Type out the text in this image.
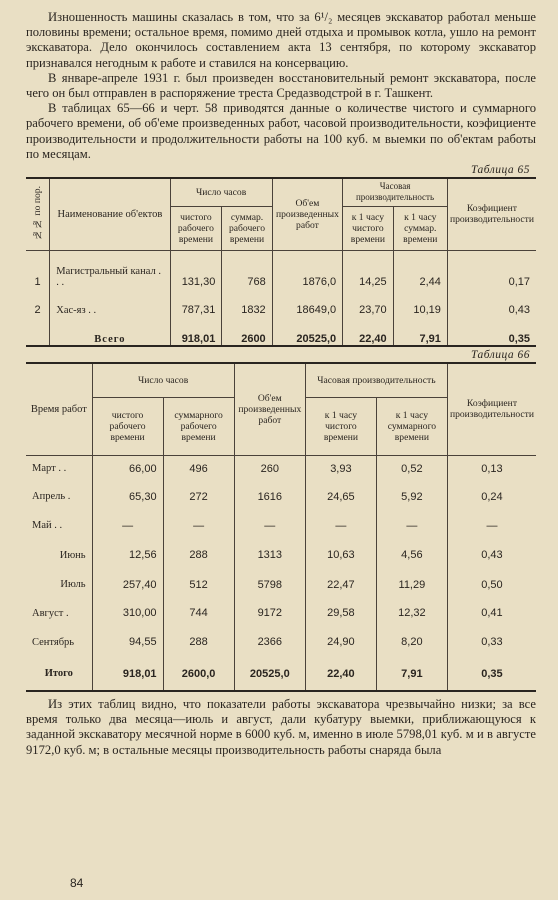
Изношенность машины сказалась в том, что за 6¹/₂ месяцев экскаватор работал меньше половины времени; остальное время, помимо дней отдыха и промывок котла, ушло на ремонт экскаватора. Дело окончилось составлением акта 13 сентября, по которому экскаватор признавался негодным к работе и ставился на консервацию.

В январе-апреле 1931 г. был произведен восстановительный ремонт экскаватора, после чего он был отправлен в распоряжение треста Средазводстрой в г. Ташкент.

В таблицах 65—66 и черт. 58 приводятся данные о количестве чистого и суммарного рабочего времени, об об'еме произведенных работ, часовой производительности, коэфициенте производительности и продолжительности работы на 100 куб. м выемки по об'ектам работы по месяцам.

Таблица 65
№№ по пор.	Наименование об'ектов	Число часов		Об'ем произведенных работ	Часовая производительность		Коэфициент производительности
		чистого рабочего времени	суммар. рабочего времени		к 1 часу чистого времени	к 1 часу суммар. времени	
1	Магистральный канал . . .	131,30	768	1876,0	14,25	2,44	0,17
2	Хас-яз . .	787,31	1832	18649,0	23,70	10,19	0,43
	Всего	918,01	2600	20525,0	22,40	7,91	0,35
Таблица 66
Время работ	Число часов		Об'ем произведенных работ	Часовая производительность		Коэфициент производительности
	чистого рабочего времени	суммарного рабочего времени		к 1 часу чистого времени	к 1 часу суммарного времени	
Март . .	66,00	496	260	3,93	0,52	0,13
Апрель .	65,30	272	1616	24,65	5,92	0,24
Май . .	—	—	—	—	—	—
Июнь	12,56	288	1313	10,63	4,56	0,43
Июль	257,40	512	5798	22,47	11,29	0,50
Август .	310,00	744	9172	29,58	12,32	0,41
Сентябрь	94,55	288	2366	24,90	8,20	0,33
Итого	918,01	2600,0	20525,0	22,40	7,91	0,35

Из этих таблиц видно, что показатели работы экскаватора чрезвычайно низки; за все время только два месяца—июль и август, дали кубатуру выемки, приближающуюся к заданной экскаватору месячной норме в 6000 куб. м, именно в июле 5798,01 куб. м и в августе 9172,0 куб. м; в остальные месяцы производительность работы снаряда была

84
